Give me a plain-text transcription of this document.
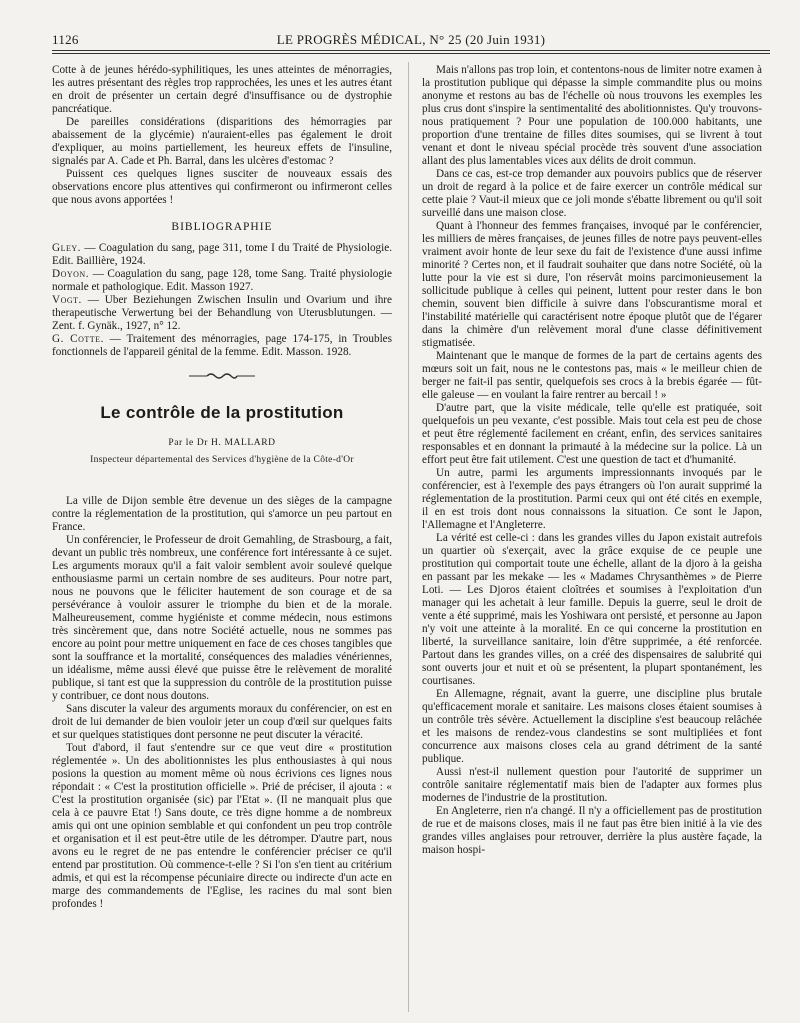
1126	LE PROGRÈS MÉDICAL, N° 25 (20 Juin 1931)

Cotte à de jeunes hérédo-syphilitiques, les unes atteintes de ménorragies, les autres présentant des règles trop rapprochées, les unes et les autres étant en droit de présenter un certain degré d'insuffisance ou de dystrophie pancréatique.

De pareilles considérations (disparitions des hémorragies par abaissement de la glycémie) n'auraient-elles pas également le droit d'expliquer, au moins partiellement, les heureux effets de l'insuline, signalés par A. Cade et Ph. Barral, dans les ulcères d'estomac ?

Puissent ces quelques lignes susciter de nouveaux essais des observations encore plus attentives qui confirmeront ou infirmeront celles que nous avons apportées !

BIBLIOGRAPHIE

Gley. — Coagulation du sang, page 311, tome I du Traité de Physiologie. Edit. Baillière, 1924.

Doyon. — Coagulation du sang, page 128, tome Sang. Traité physiologie normale et pathologique. Edit. Masson 1927.

Vogt. — Uber Beziehungen Zwischen Insulin und Ovarium und ihre therapeutische Verwertung bei der Behandlung von Uterusblutungen. — Zent. f. Gynäk., 1927, n° 12.

G. Cotte. — Traitement des ménorragies, page 174-175, in Troubles fonctionnels de l'appareil génital de la femme. Edit. Masson. 1928.

Le contrôle de la prostitution
Par le Dr H. MALLARD
Inspecteur départemental des Services d'hygiène de la Côte-d'Or

La ville de Dijon semble être devenue un des sièges de la campagne contre la réglementation de la prostitution, qui s'amorce un peu partout en France.

Un conférencier, le Professeur de droit Gemahling, de Strasbourg, a fait, devant un public très nombreux, une conférence fort intéressante à ce sujet. Les arguments moraux qu'il a fait valoir semblent avoir soulevé quelque enthousiasme parmi un certain nombre de ses auditeurs. Pour notre part, nous ne pouvons que le féliciter hautement de son courage et de sa persévérance à vouloir assurer le triomphe du bien et de la morale. Malheureusement, comme hygiéniste et comme médecin, nous estimons très sincèrement que, dans notre Société actuelle, nous ne sommes pas encore au point pour mettre uniquement en face de ces choses tangibles que sont la souffrance et la mortalité, conséquences des maladies vénériennes, un idéalisme, même aussi élevé que puisse être le relèvement de moralité publique, si tant est que la suppression du contrôle de la prostitution puisse y contribuer, ce dont nous doutons.

Sans discuter la valeur des arguments moraux du conférencier, on est en droit de lui demander de bien vouloir jeter un coup d'œil sur quelques faits et sur quelques statistiques dont personne ne peut discuter la véracité.

Tout d'abord, il faut s'entendre sur ce que veut dire « prostitution réglementée ». Un des abolitionnistes les plus enthousiastes à qui nous posions la question au moment même où nous écrivions ces lignes nous répondait : « C'est la prostitution officielle ». Prié de préciser, il ajouta : « C'est la prostitution organisée (sic) par l'Etat ». (Il ne manquait plus que cela à ce pauvre Etat !) Sans doute, ce très digne homme a de nombreux amis qui ont une opinion semblable et qui confondent un peu trop contrôle et organisation et il est peut-être utile de les détromper. D'autre part, nous avons eu le regret de ne pas entendre le conférencier préciser ce qu'il entend par prostitution. Où commence-t-elle ? Si l'on s'en tient au critérium admis, et qui est la récompense pécuniaire directe ou indirecte d'un acte en marge des commandements de l'Eglise, les racines du mal sont bien profondes !

Mais n'allons pas trop loin, et contentons-nous de limiter notre examen à la prostitution publique qui dépasse la simple commandite plus ou moins anonyme et restons au bas de l'échelle où nous trouvons les exemples les plus crus dont s'inspire la sentimentalité des abolitionnistes. Qu'y trouvons-nous pratiquement ? Pour une population de 100.000 habitants, une proportion d'une trentaine de filles dites soumises, qui se livrent à tout venant et dont le niveau spécial procède très souvent d'une association allant des plus lamentables vices aux délits de droit commun.

Dans ce cas, est-ce trop demander aux pouvoirs publics que de réserver un droit de regard à la police et de faire exercer un contrôle médical sur cette plaie ? Vaut-il mieux que ce joli monde s'ébatte librement ou qu'il soit surveillé dans une maison close.

Quant à l'honneur des femmes françaises, invoqué par le conférencier, les milliers de mères françaises, de jeunes filles de notre pays peuvent-elles vraiment avoir honte de leur sexe du fait de l'existence d'une aussi infime minorité ? Certes non, et il faudrait souhaiter que dans notre Société, où la lutte pour la vie est si dure, l'on réservât moins parcimonieusement la sollicitude publique à celles qui peinent, luttent pour rester dans le bon chemin, souvent bien difficile à suivre dans l'obscurantisme moral et l'instabilité matérielle qui caractérisent notre époque plutôt que de l'égarer dans la chimère d'un relèvement moral d'une classe définitivement stigmatisée.

Maintenant que le manque de formes de la part de certains agents des mœurs soit un fait, nous ne le contestons pas, mais « le meilleur chien de berger ne fait-il pas sentir, quelquefois ses crocs à la brebis égarée — fût-elle galeuse — en voulant la faire rentrer au bercail ! »

D'autre part, que la visite médicale, telle qu'elle est pratiquée, soit quelquefois un peu vexante, c'est possible. Mais tout cela est peu de chose et peut être réglementé facilement en créant, enfin, des services sanitaires responsables et en donnant la primauté à la médecine sur la police. Là un effort peut être fait utilement. C'est une question de tact et d'humanité.

Un autre, parmi les arguments impressionnants invoqués par le conférencier, est à l'exemple des pays étrangers où l'on aurait supprimé la réglementation de la prostitution. Parmi ceux qui ont été cités en exemple, il en est trois dont nous connaissons la situation. Ce sont le Japon, l'Allemagne et l'Angleterre.

La vérité est celle-ci : dans les grandes villes du Japon existait autrefois un quartier où s'exerçait, avec la grâce exquise de ce peuple une prostitution qui comportait toute une échelle, allant de la djoro à la geisha en passant par les mekake — les « Madames Chrysanthèmes » de Pierre Loti. — Les Djoros étaient cloîtrées et soumises à l'exploitation d'un manager qui les achetait à leur famille. Depuis la guerre, seul le droit de vente a été supprimé, mais les Yoshiwara ont persisté, et personne au Japon n'y voit une atteinte à la moralité. En ce qui concerne la prostitution en liberté, la surveillance sanitaire, loin d'être supprimée, a été renforcée. Partout dans les grandes villes, on a créé des dispensaires de salubrité qui sont ouverts jour et nuit et où se présentent, la plupart spontanément, les courtisanes.

En Allemagne, régnait, avant la guerre, une discipline plus brutale qu'efficacement morale et sanitaire. Les maisons closes étaient soumises à un contrôle très sévère. Actuellement la discipline s'est beaucoup relâchée et les maisons de rendez-vous clandestins se sont multipliées et font concurrence aux maisons closes cela au grand détriment de la santé publique.

Aussi n'est-il nullement question pour l'autorité de supprimer un contrôle sanitaire réglementatif mais bien de l'adapter aux formes plus modernes de l'industrie de la prostitution.

En Angleterre, rien n'a changé. Il n'y a officiellement pas de prostitution de rue et de maisons closes, mais il ne faut pas être bien initié à la vie des grandes villes anglaises pour retrouver, derrière la plus austère façade, la maison hospi-
